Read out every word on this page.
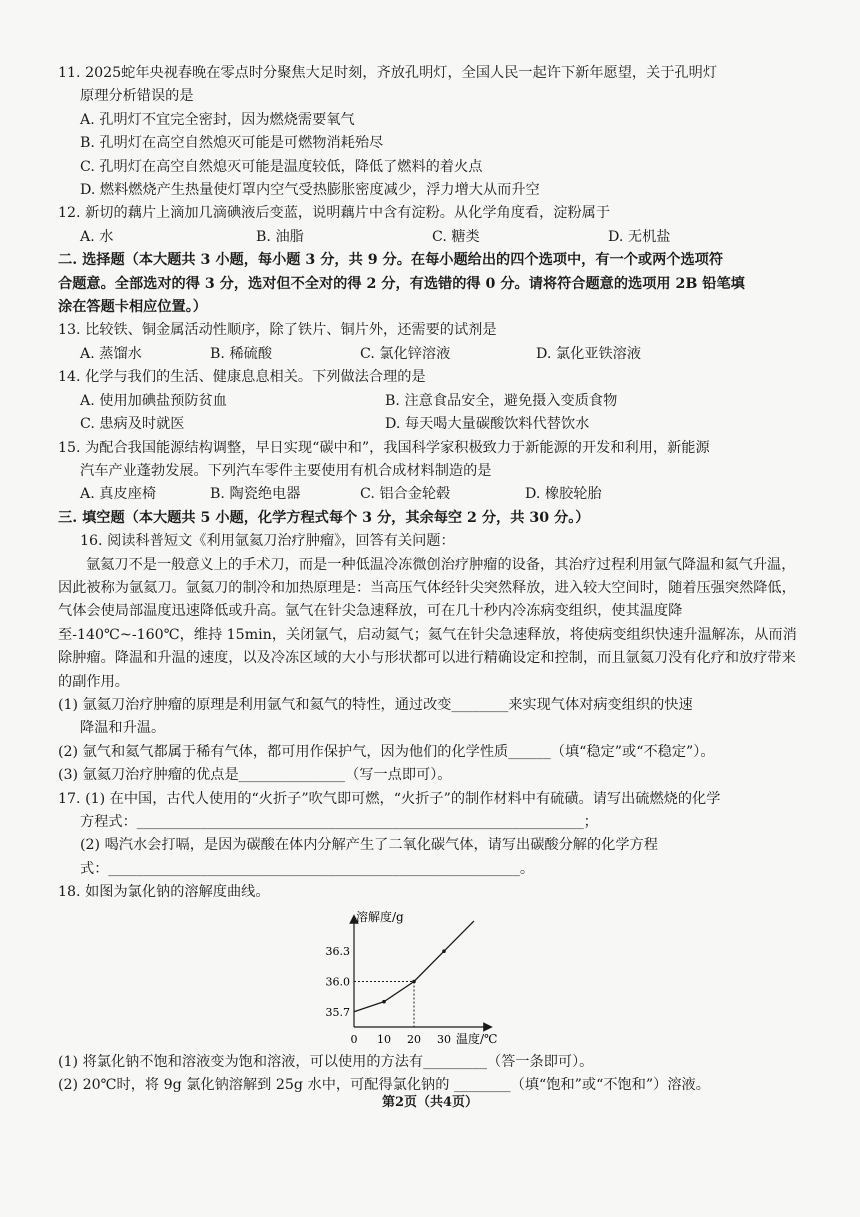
11. 2025蛇年央视春晚在零点时分聚焦大足时刻，齐放孔明灯，全国人民一起许下新年愿望，关于孔明灯
原理分析错误的是
A. 孔明灯不宜完全密封，因为燃烧需要氧气
B. 孔明灯在高空自然熄灭可能是可燃物消耗殆尽
C. 孔明灯在高空自然熄灭可能是温度较低，降低了燃料的着火点
D. 燃料燃烧产生热量使灯罩内空气受热膨胀密度减少，浮力增大从而升空
12. 新切的藕片上滴加几滴碘液后变蓝，说明藕片中含有淀粉。从化学角度看，淀粉属于
A. 水	B. 油脂	C. 糖类	D. 无机盐
二. 选择题（本大题共 3 小题，每小题 3 分，共 9 分。在每小题给出的四个选项中，有一个或两个选项符
合题意。全部选对的得 3 分，选对但不全对的得 2 分，有选错的得 0 分。请将符合题意的选项用 2B 铅笔填
涂在答题卡相应位置。）
13. 比较铁、铜金属活动性顺序，除了铁片、铜片外，还需要的试剂是
A. 蒸馏水	B. 稀硫酸	C. 氯化锌溶液	D. 氯化亚铁溶液
14. 化学与我们的生活、健康息息相关。下列做法合理的是
A. 使用加碘盐预防贫血	B. 注意食品安全，避免摄入变质食物
C. 患病及时就医	D. 每天喝大量碳酸饮料代替饮水
15. 为配合我国能源结构调整，早日实现“碳中和”，我国科学家积极致力于新能源的开发和利用，新能源
汽车产业蓬勃发展。下列汽车零件主要使用有机合成材料制造的是
A. 真皮座椅	B. 陶瓷绝电器	C. 铝合金轮毂	D. 橡胶轮胎
三. 填空题（本大题共 5 小题，化学方程式每个 3 分，其余每空 2 分，共 30 分。）
16. 阅读科普短文《利用氩氦刀治疗肿瘤》，回答有关问题：
氩氦刀不是一般意义上的手术刀，而是一种低温冷冻微创治疗肿瘤的设备，其治疗过程利用氩气降温和氦气升温，因此被称为氩氦刀。氩氦刀的制冷和加热原理是：当高压气体经针尖突然释放，进入较大空间时，随着压强突然降低，气体会使局部温度迅速降低或升高。氩气在针尖急速释放，可在几十秒内冷冻病变组织，使其温度降至-140℃~-160℃，维持 15min，关闭氩气，启动氦气；氦气在针尖急速释放，将使病变组织快速升温解冻，从而消除肿瘤。降温和升温的速度，以及冷冻区域的大小与形状都可以进行精确设定和控制，而且氩氦刀没有化疗和放疗带来的副作用。
(1) 氩氦刀治疗肿瘤的原理是利用氩气和氦气的特性，通过改变________来实现气体对病变组织的快速
降温和升温。
(2) 氩气和氦气都属于稀有气体，都可用作保护气，因为他们的化学性质______（填“稳定”或“不稳定”）。
(3) 氩氦刀治疗肿瘤的优点是_______________（写一点即可）。
17. (1) 在中国，古代人使用的“火折子”吹气即可燃，“火折子”的制作材料中有硫磺。请写出硫燃烧的化学
方程式：_______________________________________________________________；
(2) 喝汽水会打嗝，是因为碳酸在体内分解产生了二氧化碳气体，请写出碳酸分解的化学方程
式：__________________________________________________________。
18. 如图为氯化钠的溶解度曲线。
溶解度/g
温度/℃
0 10 20 30
35.7
36.0
36.3
(1) 将氯化钠不饱和溶液变为饱和溶液，可以使用的方法有_________（答一条即可）。
(2) 20℃时，将 9g 氯化钠溶解到 25g 水中，可配得氯化钠的 ________（填“饱和”或“不饱和”）溶液。
第2页（共4页）
